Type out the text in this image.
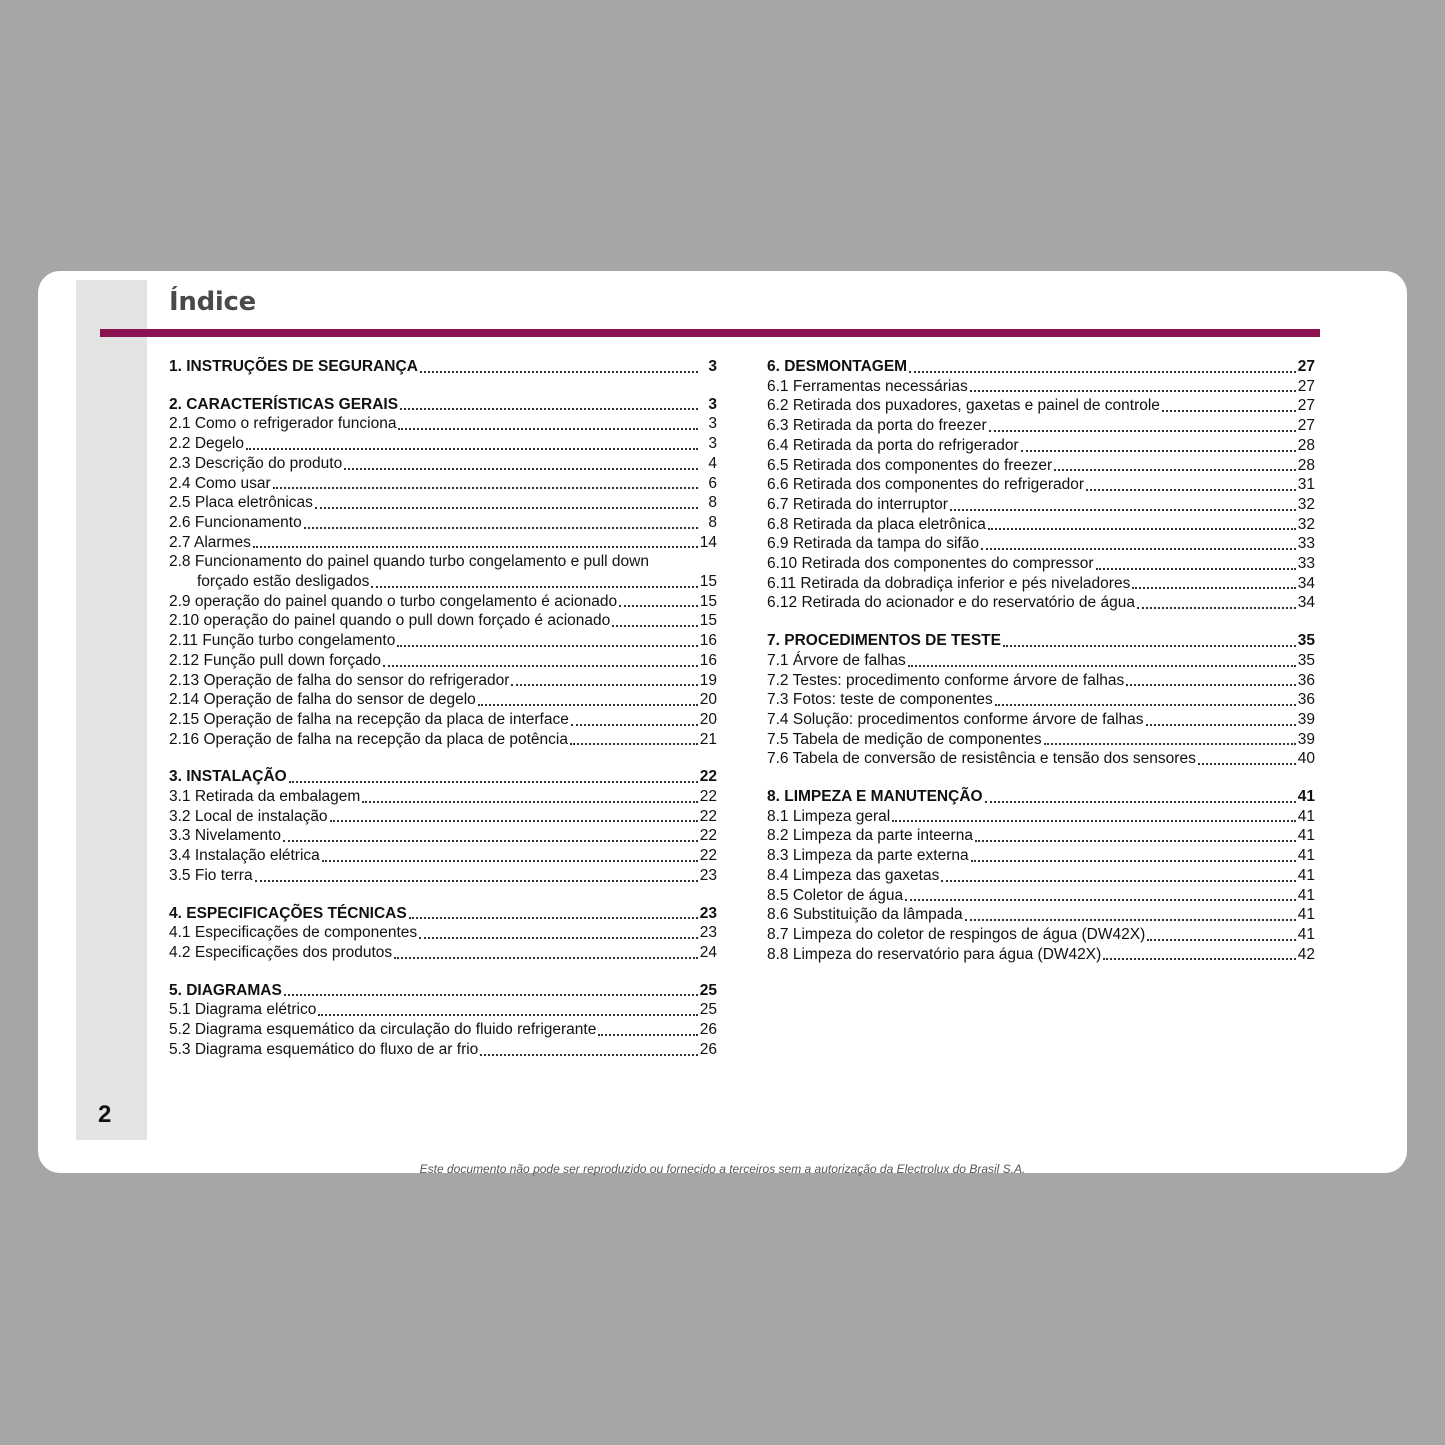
Índice
1. INSTRUÇÕES DE SEGURANÇA	3
2. CARACTERÍSTICAS GERAIS	3
2.1 Como o refrigerador funciona	3
2.2 Degelo	3
2.3 Descrição do produto	4
2.4 Como usar	6
2.5 Placa eletrônicas	8
2.6 Funcionamento	8
2.7 Alarmes	14
2.8 Funcionamento do painel quando turbo congelamento e pull down
forçado estão desligados	15
2.9 operação do painel quando o turbo congelamento é acionado	15
2.10 operação do painel quando o pull down forçado é acionado	15
2.11 Função turbo congelamento	16
2.12 Função pull down forçado	16
2.13 Operação de falha do sensor do refrigerador	19
2.14 Operação de falha do sensor de degelo	20
2.15 Operação de falha na recepção da placa de interface	20
2.16 Operação de falha na recepção da placa de potência	21
3. INSTALAÇÃO	22
3.1 Retirada da embalagem	22
3.2 Local de instalação	22
3.3 Nivelamento	22
3.4 Instalação elétrica	22
3.5 Fio terra	23
4. ESPECIFICAÇÕES TÉCNICAS	23
4.1 Especificações de componentes	23
4.2 Especificações dos produtos	24
5. DIAGRAMAS	25
5.1 Diagrama elétrico	25
5.2 Diagrama esquemático da circulação do fluido refrigerante	26
5.3 Diagrama esquemático do fluxo de ar frio	26
6. DESMONTAGEM	27
6.1 Ferramentas necessárias	27
6.2 Retirada dos puxadores, gaxetas e painel de controle	27
6.3 Retirada da porta do freezer	27
6.4 Retirada da porta do refrigerador	28
6.5 Retirada dos componentes do freezer	28
6.6 Retirada dos componentes do refrigerador	31
6.7 Retirada do interruptor	32
6.8 Retirada da placa eletrônica	32
6.9 Retirada da tampa do sifão	33
6.10 Retirada dos componentes do compressor	33
6.11 Retirada da dobradiça inferior e pés niveladores	34
6.12 Retirada do acionador e do reservatório de água	34
7. PROCEDIMENTOS DE TESTE	35
7.1 Árvore de falhas	35
7.2 Testes: procedimento conforme árvore de falhas	36
7.3 Fotos: teste de componentes	36
7.4 Solução: procedimentos conforme árvore de falhas	39
7.5 Tabela de medição de componentes	39
7.6 Tabela de conversão de resistência e tensão dos sensores	40
8. LIMPEZA E MANUTENÇÃO	41
8.1 Limpeza geral	41
8.2 Limpeza da parte inteerna	41
8.3 Limpeza da parte externa	41
8.4 Limpeza das gaxetas	41
8.5 Coletor de água	41
8.6 Substituição da lâmpada	41
8.7 Limpeza do coletor de respingos de água (DW42X)	41
8.8 Limpeza do reservatório para água (DW42X)	42
2
Este documento não pode ser reproduzido ou fornecido a terceiros sem a autorização da Electrolux do Brasil S.A.
